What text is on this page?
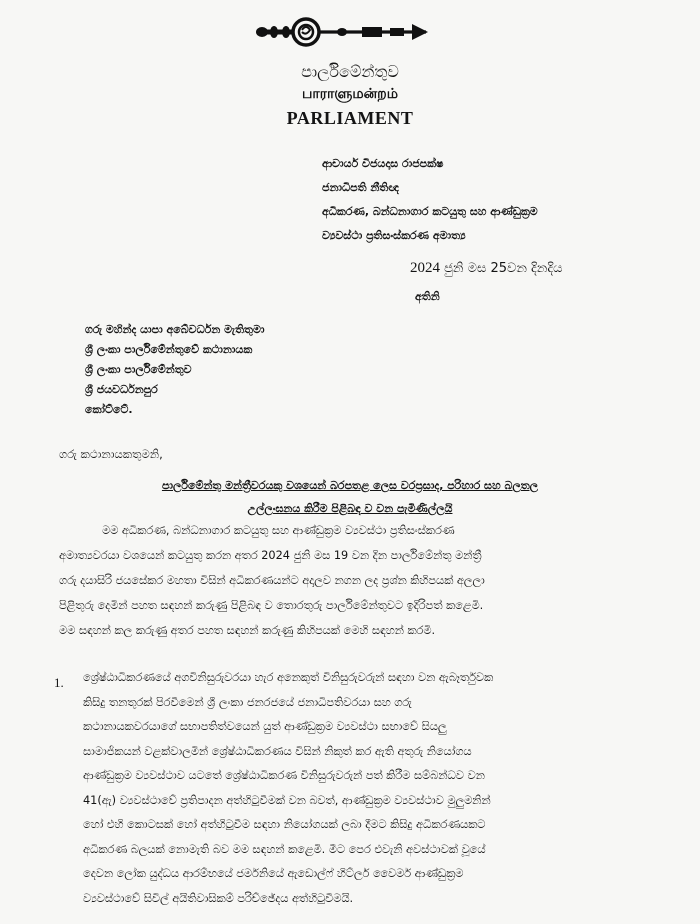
පාර්ලිමේන්තුව
பாராளுமன்றம்
PARLIAMENT
ආචාර්ය විජයදාස රාජපක්ෂ
ජනාධිපති නීතිඥ
අධිකරණ, බන්ධනාගාර කටයුතු සහ ආණ්ඩුක්‍රම
ව්‍යවස්ථා ප්‍රතිසංස්කරණ අමාත්‍ය
2024 ජුනි මස 25වන දිනදිය
අතිනි
ගරු මහින්ද යාපා අබේවර්ධන මැතිතුමා
ශ්‍රී ලංකා පාර්ලිමේන්තුවේ කථානායක
ශ්‍රී ලංකා පාර්ලිමේන්තුව
ශ්‍රී ජයවර්ධනපුර
කෝට්ටේ.
ගරු කථානායකතුමනි,
පාර්ලිමේන්තු මන්ත්‍රීවරයකු වශයෙන් බරපතළ ලෙස වරප්‍රසාද, පරිහාර සහ බලතල
උල්ලංඝනය කිරීම පිළිබඳ ව වන පැමිණිල්ලයි
මම අධිකරණ, බන්ධනාගාර කටයුතු සහ ආණ්ඩුක්‍රම ව්‍යවස්ථා ප්‍රතිසංස්කරණ
අමාත්‍යවරයා වශයෙන් කටයුතු කරන අතර 2024 ජුනි මස 19 වන දින පාර්ලිමේන්තු මන්ත්‍රී
ගරු දයාසිරි ජයසේකර මහතා විසින් අධිකරණයන්ට අදාලව නගන ලද ප්‍රශ්න කිහිපයක් අලලා
පිළිතුරු දෙමින් පහත සඳහන් කරුණු පිළිබඳ ව තොරතුරු පාර්ලිමේන්තුවට ඉදිරිපත් කළෙමි.
මම සඳහන් කල කරුණු අතර පහත සඳහන් කරුණු කිහිපයක් මෙහි සඳහන් කරමි.
1. ශ්‍රේෂ්ඨාධිකරණයේ අගවිනිසුරුවරයා හැර අනෙකුත් විනිසුරුවරුන් සඳහා වන ඇබෑර්තුවක
කිසිදු තනතුරක් පිරවීමෙන් ශ්‍රී ලංකා ජනරජයේ ජනාධිපතිවරයා සහ ගරු
කථානායකවරයාගේ සභාපතිත්වයෙන් යුත් ආණ්ඩුක්‍රම ව්‍යවස්ථා සභාවේ සියලු
සාමාජිකයන් වළක්වාලමින් ශ්‍රේෂ්ඨාධිකරණය විසින් නිකුත් කර ඇති අතුරු නියෝගය
ආණ්ඩුක්‍රම ව්‍යවස්ථාව යටතේ ශ්‍රේෂ්ඨාධිකරණ විනිසුරුවරුන් පත් කිරීම සම්බන්ධව වන
41(ඇ) ව්‍යවස්ථාවේ ප්‍රතිපාදන අත්හිටුවීමක් වන බවත්, ආණ්ඩුක්‍රම ව්‍යවස්ථාව මුලුමනින්
හෝ එහි කොටසක් හෝ අත්හිටුවීම සඳහා නියෝගයක් ලබා දීමට කිසිදු අධිකරණයකට
අධිකරණ බලයක් නොමැති බව මම සඳහන් කළෙමි. මීට පෙර එවැනි අවස්ථාවක් වූයේ
දෙවන ලෝක යුද්ධය ආරම්භයේ ජර්මනියේ ඇඩොල්ෆ් හිට්ලර් වෛමර් ආණ්ඩුක්‍රම
ව්‍යවස්ථාවේ සිවිල් අයිතිවාසිකම් පරිච්ඡේදය අත්හිටුවීමයි.
